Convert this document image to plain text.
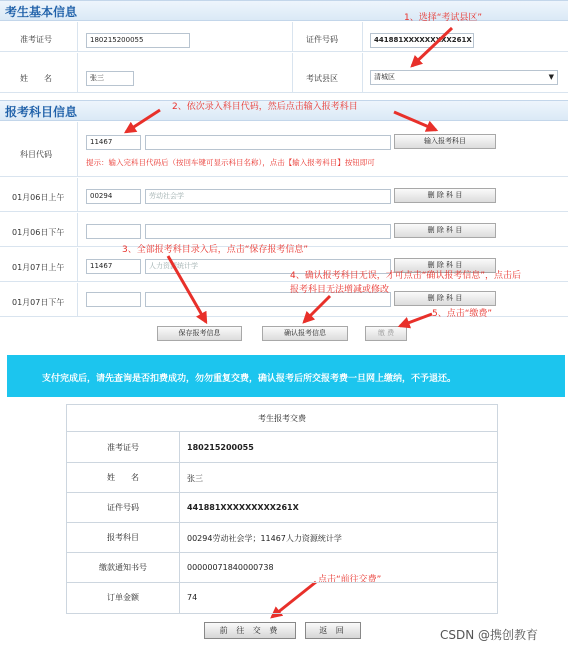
考生基本信息
准考证号	180215200055	证件号码	441881XXXXXXXXX261X
姓　　名	张三	考试县区	清城区	▼
报考科目信息
科目代码
11467	输入报考科目
提示：输入完科目代码后（按回车键可显示科目名称），点击【输入报考科目】按钮即可
01月06日上午	00294	劳动社会学	删 除 科 目
01月06日下午	删 除 科 目
01月07日上午	11467	人力资源统计学	删 除 科 目
01月07日下午	删 除 科 目
保存报考信息	确认报考信息	缴 费
1、选择“考试县区”
2、依次录入科目代码，然后点击输入报考科目
3、全部报考科目录入后，点击“保存报考信息”
4、确认报考科目无误，才可点击“确认报考信息”，点击后
报考科目无法增减或修改
5、点击“缴费”
点击“前往交费”
支付完成后，请先查询是否扣费成功，勿勿重复交费，确认报考后所交报考费一旦网上缴纳，不予退还。
考生报考交费
准考证号	180215200055
姓　　名	张三
证件号码	441881XXXXXXXXX261X
报考科目	00294劳动社会学；11467人力资源统计学
缴款通知书号	00000071840000738
订单金额	74
前 往 交 费	返 回	CSDN @携创教育
